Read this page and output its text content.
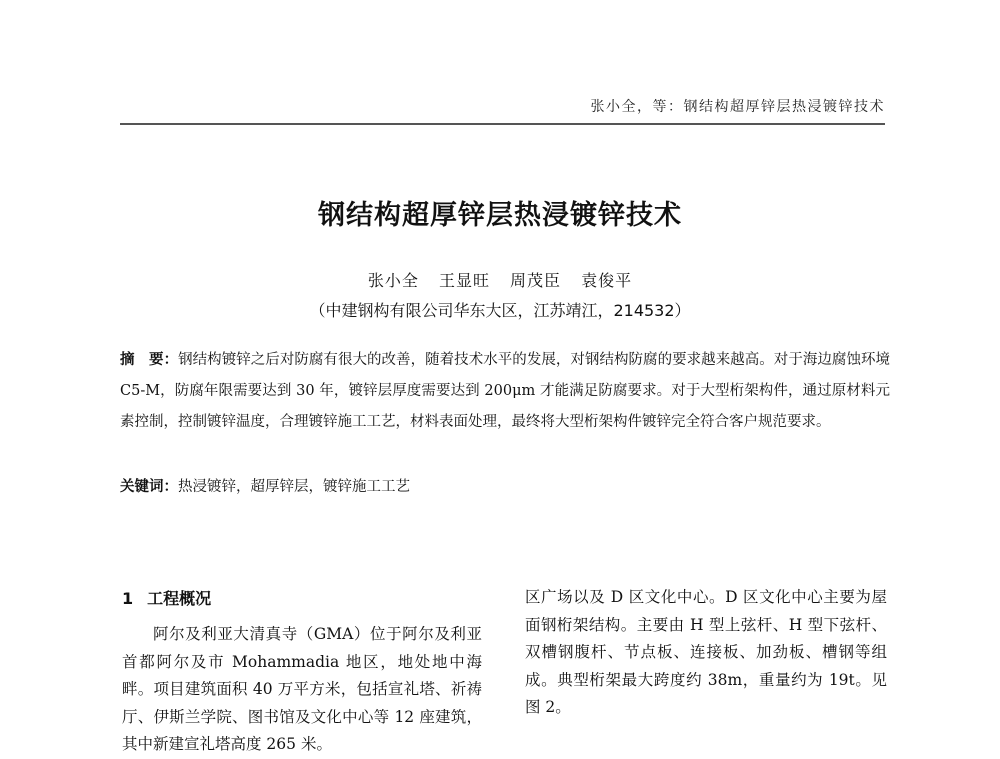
张小全，等：钢结构超厚锌层热浸镀锌技术
钢结构超厚锌层热浸镀锌技术
张小全 王显旺 周茂臣 袁俊平
（中建钢构有限公司华东大区，江苏靖江，214532）
摘　要：钢结构镀锌之后对防腐有很大的改善，随着技术水平的发展，对钢结构防腐的要求越来越高。对于海边腐蚀环境 C5-M，防腐年限需要达到 30 年，镀锌层厚度需要达到 200μm 才能满足防腐要求。对于大型桁架构件，通过原材料元素控制，控制镀锌温度，合理镀锌施工工艺，材料表面处理，最终将大型桁架构件镀锌完全符合客户规范要求。
关键词：热浸镀锌，超厚锌层，镀锌施工工艺
1 工程概况
阿尔及利亚大清真寺（GMA）位于阿尔及利亚首都阿尔及市 Mohammadia 地区，地处地中海畔。项目建筑面积 40 万平方米，包括宣礼塔、祈祷厅、伊斯兰学院、图书馆及文化中心等 12 座建筑，其中新建宣礼塔高度 265 米。
区广场以及 D 区文化中心。D 区文化中心主要为屋面钢桁架结构。主要由 H 型上弦杆、H 型下弦杆、双槽钢腹杆、节点板、连接板、加劲板、槽钢等组成。典型桁架最大跨度约 38m，重量约为 19t。见图 2。
